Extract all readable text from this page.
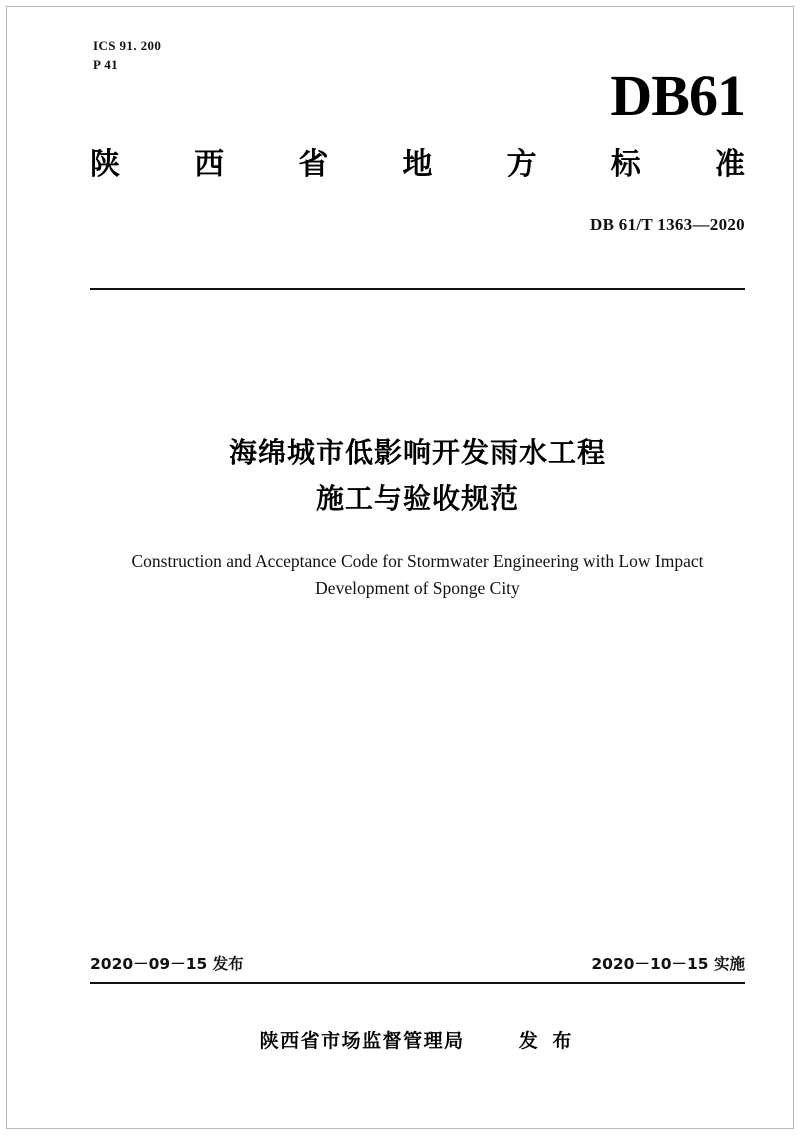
ICS 91. 200
P 41	DB61
陕 西 省 地 方 标 准
DB 61/T 1363—2020
海绵城市低影响开发雨水工程
施工与验收规范
Construction and Acceptance Code for Stormwater Engineering with Low Impact
Development of Sponge City
2020－09－15 发布	2020－10－15 实施
陕西省市场监督管理局	发 布
